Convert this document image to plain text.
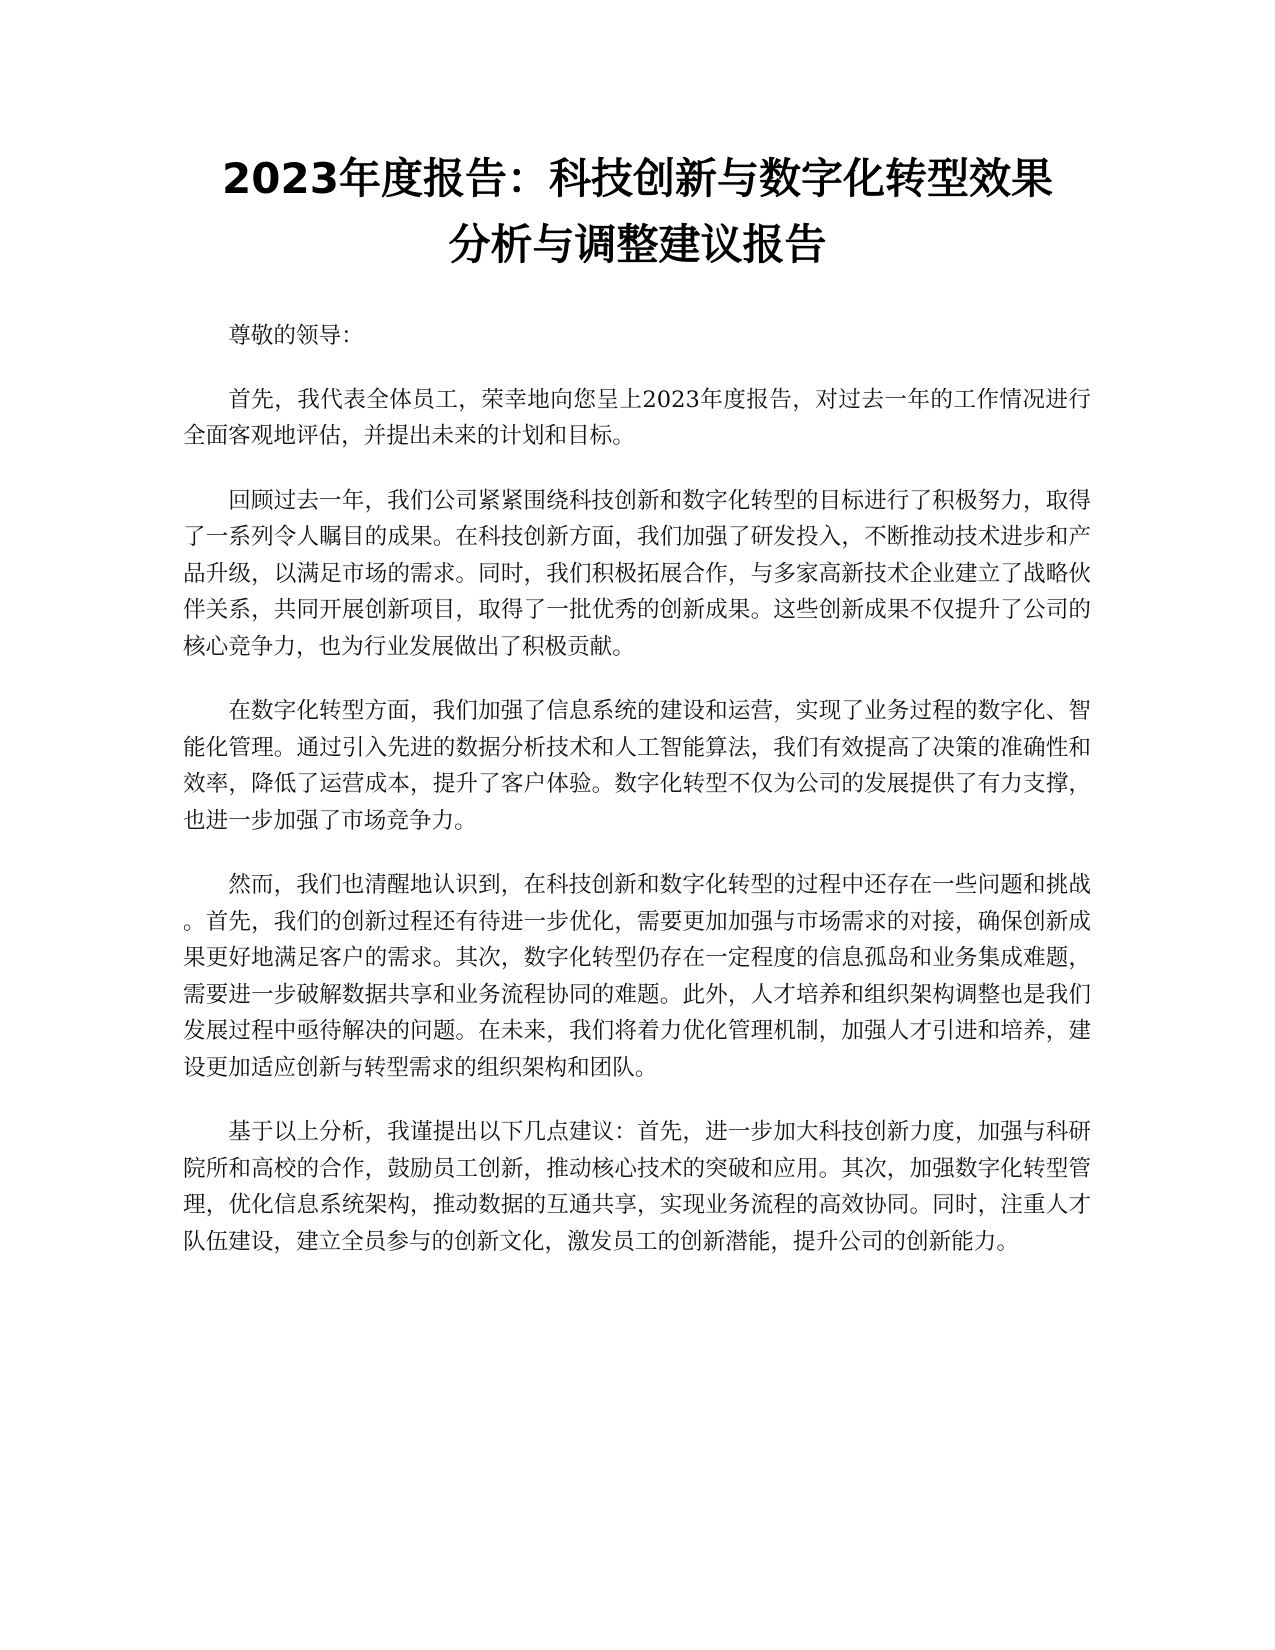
2023年度报告：科技创新与数字化转型效果
分析与调整建议报告

尊敬的领导：

首先，我代表全体员工，荣幸地向您呈上2023年度报告，对过去一年的工作情况进行全面客观地评估，并提出未来的计划和目标。

回顾过去一年，我们公司紧紧围绕科技创新和数字化转型的目标进行了积极努力，取得了一系列令人瞩目的成果。在科技创新方面，我们加强了研发投入，不断推动技术进步和产品升级，以满足市场的需求。同时，我们积极拓展合作，与多家高新技术企业建立了战略伙伴关系，共同开展创新项目，取得了一批优秀的创新成果。这些创新成果不仅提升了公司的核心竞争力，也为行业发展做出了积极贡献。

在数字化转型方面，我们加强了信息系统的建设和运营，实现了业务过程的数字化、智能化管理。通过引入先进的数据分析技术和人工智能算法，我们有效提高了决策的准确性和效率，降低了运营成本，提升了客户体验。数字化转型不仅为公司的发展提供了有力支撑，也进一步加强了市场竞争力。

然而，我们也清醒地认识到，在科技创新和数字化转型的过程中还存在一些问题和挑战。首先，我们的创新过程还有待进一步优化，需要更加加强与市场需求的对接，确保创新成果更好地满足客户的需求。其次，数字化转型仍存在一定程度的信息孤岛和业务集成难题，需要进一步破解数据共享和业务流程协同的难题。此外，人才培养和组织架构调整也是我们发展过程中亟待解决的问题。在未来，我们将着力优化管理机制，加强人才引进和培养，建设更加适应创新与转型需求的组织架构和团队。

基于以上分析，我谨提出以下几点建议：首先，进一步加大科技创新力度，加强与科研院所和高校的合作，鼓励员工创新，推动核心技术的突破和应用。其次，加强数字化转型管理，优化信息系统架构，推动数据的互通共享，实现业务流程的高效协同。同时，注重人才队伍建设，建立全员参与的创新文化，激发员工的创新潜能，提升公司的创新能力。
